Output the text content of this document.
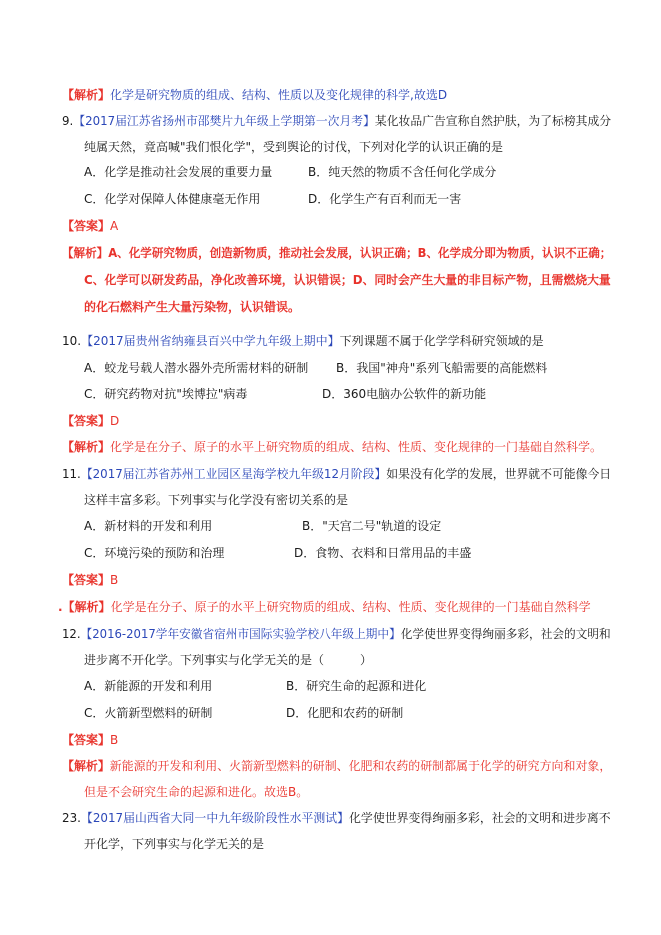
【解析】化学是研究物质的组成、结构、性质以及变化规律的科学,故选D
9.【2017届江苏省扬州市邵樊片九年级上学期第一次月考】某化妆品广告宣称自然护肤，为了标榜其成分
纯属天然，竟高喊"我们恨化学"，受到舆论的讨伐，下列对化学的认识正确的是
A．化学是推动社会发展的重要力量	B．纯天然的物质不含任何化学成分
C．化学对保障人体健康毫无作用	D．化学生产有百利而无一害
【答案】A
【解析】A、化学研究物质，创造新物质，推动社会发展，认识正确；B、化学成分即为物质，认识不正确；
C、化学可以研发药品，净化改善环境，认识错误；D、同时会产生大量的非目标产物，且需燃烧大量
的化石燃料产生大量污染物，认识错误。
10.【2017届贵州省纳雍县百兴中学九年级上期中】下列课题不属于化学学科研究领域的是
A．蛟龙号载人潜水器外壳所需材料的研制 B．我国"神舟"系列飞船需要的高能燃料
C．研究药物对抗"埃博拉"病毒	D．360电脑办公软件的新功能
【答案】D
【解析】化学是在分子、原子的水平上研究物质的组成、结构、性质、变化规律的一门基础自然科学。
11.【2017届江苏省苏州工业园区星海学校九年级12月阶段】如果没有化学的发展，世界就不可能像今日
这样丰富多彩。下列事实与化学没有密切关系的是
A．新材料的开发和利用	B．"天宫二号"轨道的设定
C．环境污染的预防和治理	D．食物、衣料和日常用品的丰盛
【答案】B
.【解析】化学是在分子、原子的水平上研究物质的组成、结构、性质、变化规律的一门基础自然科学
12.【2016-2017学年安徽省宿州市国际实验学校八年级上期中】化学使世界变得绚丽多彩，社会的文明和
进步离不开化学。下列事实与化学无关的是（　　　）
A．新能源的开发和利用	B．研究生命的起源和进化
C．火箭新型燃料的研制	D．化肥和农药的研制
【答案】B
【解析】新能源的开发和利用、火箭新型燃料的研制、化肥和农药的研制都属于化学的研究方向和对象，
但是不会研究生命的起源和进化。故选B。
23.【2017届山西省大同一中九年级阶段性水平测试】化学使世界变得绚丽多彩，社会的文明和进步离不
开化学，下列事实与化学无关的是
